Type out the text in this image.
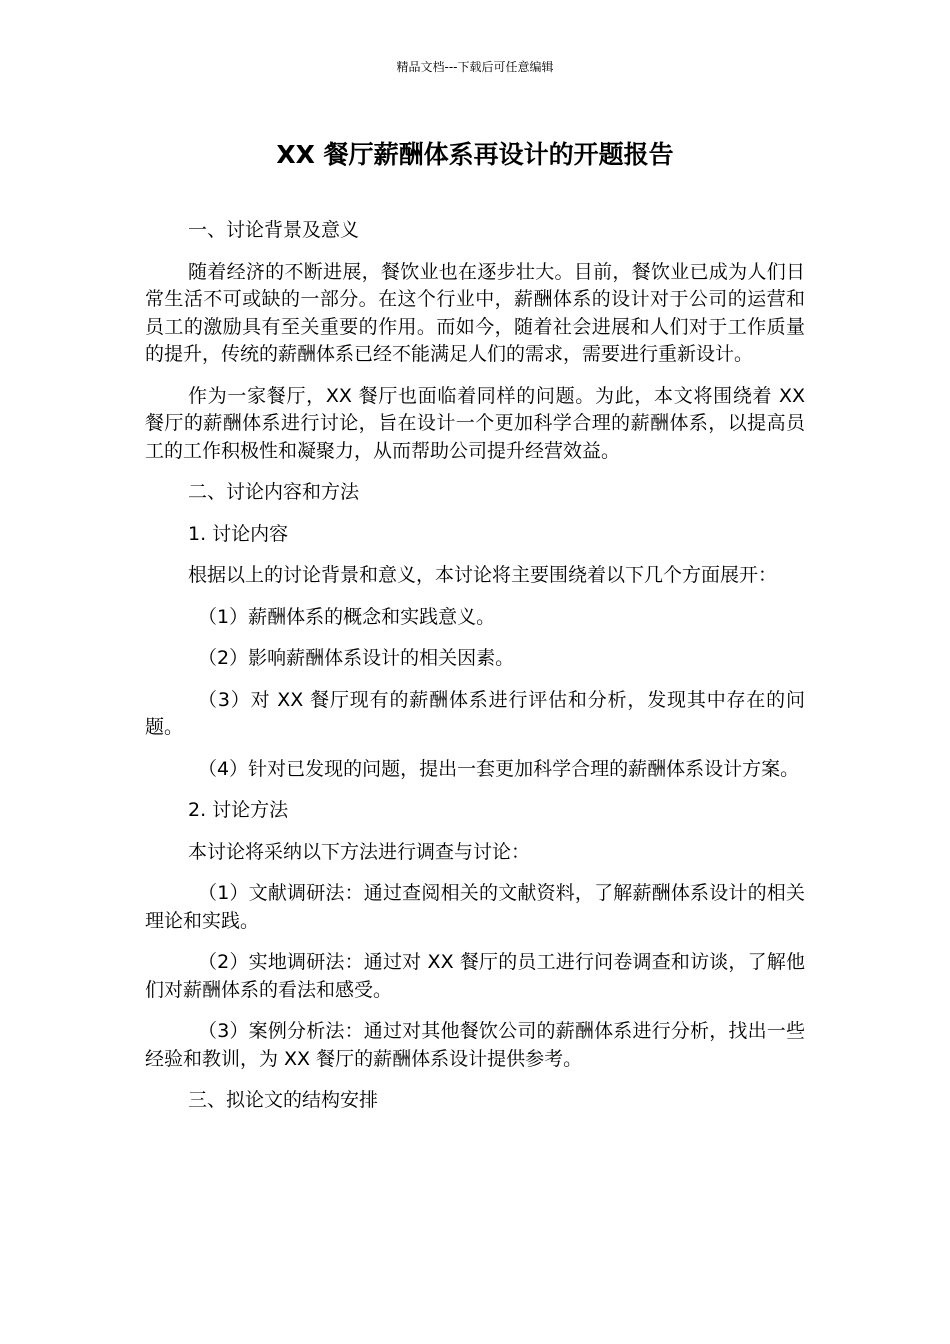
精品文档---下载后可任意编辑
XX 餐厅薪酬体系再设计的开题报告

一、讨论背景及意义

随着经济的不断进展，餐饮业也在逐步壮大。目前，餐饮业已成为人们日常生活不可或缺的一部分。在这个行业中，薪酬体系的设计对于公司的运营和员工的激励具有至关重要的作用。而如今，随着社会进展和人们对于工作质量的提升，传统的薪酬体系已经不能满足人们的需求，需要进行重新设计。

作为一家餐厅，XX 餐厅也面临着同样的问题。为此，本文将围绕着 XX 餐厅的薪酬体系进行讨论，旨在设计一个更加科学合理的薪酬体系，以提高员工的工作积极性和凝聚力，从而帮助公司提升经营效益。

二、讨论内容和方法

1. 讨论内容

根据以上的讨论背景和意义，本讨论将主要围绕着以下几个方面展开：

（1）薪酬体系的概念和实践意义。

（2）影响薪酬体系设计的相关因素。

（3）对 XX 餐厅现有的薪酬体系进行评估和分析，发现其中存在的问题。

（4）针对已发现的问题，提出一套更加科学合理的薪酬体系设计方案。

2. 讨论方法

本讨论将采纳以下方法进行调查与讨论：

（1）文献调研法：通过查阅相关的文献资料，了解薪酬体系设计的相关理论和实践。

（2）实地调研法：通过对 XX 餐厅的员工进行问卷调查和访谈，了解他们对薪酬体系的看法和感受。

（3）案例分析法：通过对其他餐饮公司的薪酬体系进行分析，找出一些经验和教训，为 XX 餐厅的薪酬体系设计提供参考。

三、拟论文的结构安排
